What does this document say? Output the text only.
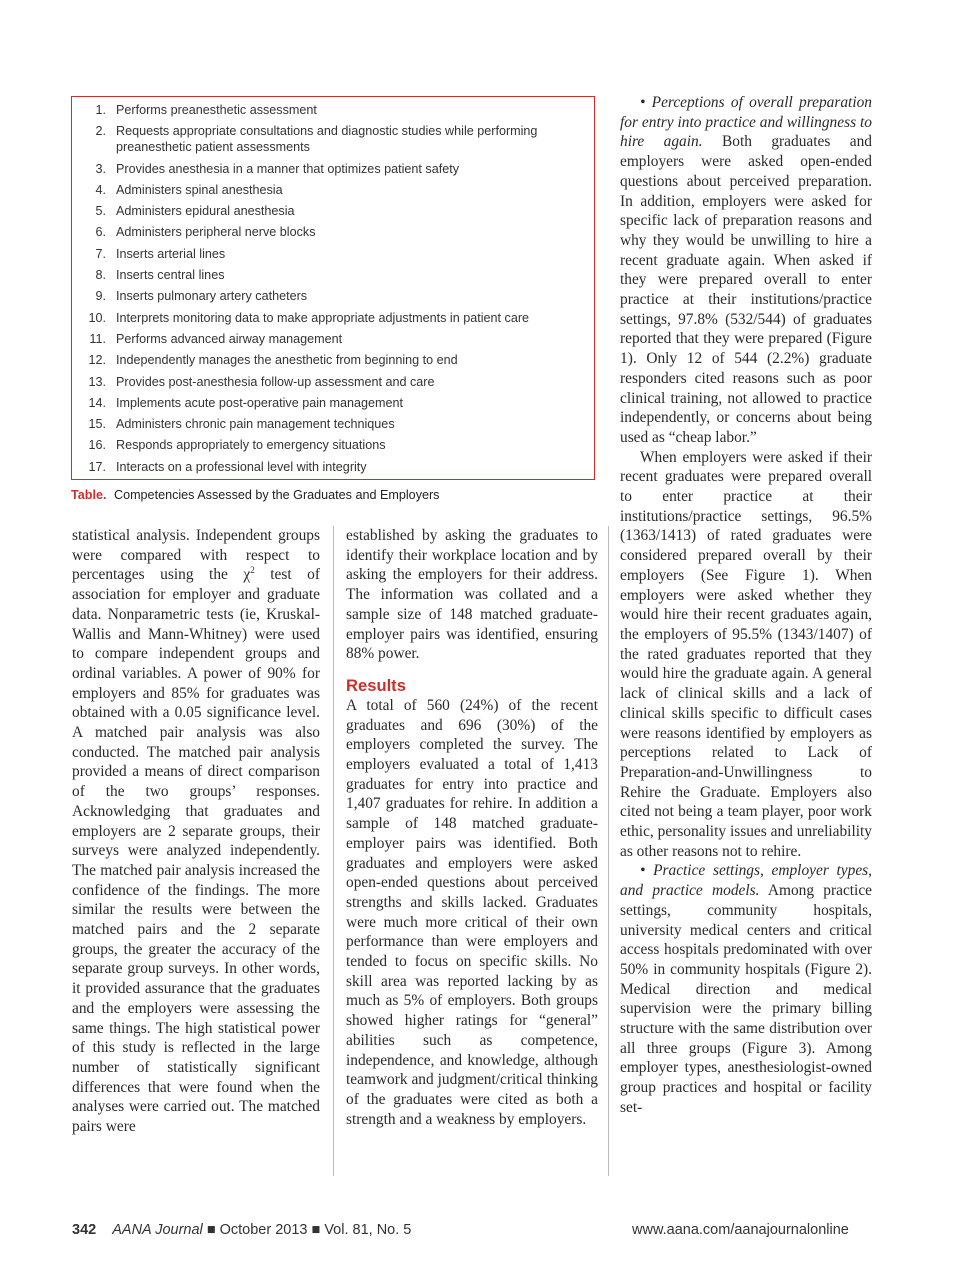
1. Performs preanesthetic assessment
2. Requests appropriate consultations and diagnostic studies while performing preanesthetic patient assessments
3. Provides anesthesia in a manner that optimizes patient safety
4. Administers spinal anesthesia
5. Administers epidural anesthesia
6. Administers peripheral nerve blocks
7. Inserts arterial lines
8. Inserts central lines
9. Inserts pulmonary artery catheters
10. Interprets monitoring data to make appropriate adjustments in patient care
11. Performs advanced airway management
12. Independently manages the anesthetic from beginning to end
13. Provides post-anesthesia follow-up assessment and care
14. Implements acute post-operative pain management
15. Administers chronic pain management techniques
16. Responds appropriately to emergency situations
17. Interacts on a professional level with integrity
Table. Competencies Assessed by the Graduates and Employers

statistical analysis. Independent groups were compared with respect to percentages using the $\chi^2$ test of association for employer and graduate data. Nonparametric tests (ie, Kruskal-Wallis and Mann-Whitney) were used to compare independent groups and ordinal variables. A power of 90% for employers and 85% for graduates was obtained with a 0.05 significance level. A matched pair analysis was also conducted. The matched pair analysis provided a means of direct comparison of the two groups’ responses. Acknowledging that graduates and employers are 2 separate groups, their surveys were analyzed independently. The matched pair analysis increased the confidence of the findings. The more similar the results were between the matched pairs and the 2 separate groups, the greater the accuracy of the separate group surveys. In other words, it provided assurance that the graduates and the employers were assessing the same things. The high statistical power of this study is reflected in the large number of statistically significant differences that were found when the analyses were carried out. The matched pairs were

established by asking the graduates to identify their workplace location and by asking the employers for their address. The information was collated and a sample size of 148 matched graduate-employer pairs was identified, ensuring 88% power.

Results

A total of 560 (24%) of the recent graduates and 696 (30%) of the employers completed the survey. The employers evaluated a total of 1,413 graduates for entry into practice and 1,407 graduates for rehire. In addition a sample of 148 matched graduate-employer pairs was identified. Both graduates and employers were asked open-ended questions about perceived strengths and skills lacked. Graduates were much more critical of their own performance than were employers and tended to focus on specific skills. No skill area was reported lacking by as much as 5% of employers. Both groups showed higher ratings for “general” abilities such as competence, independence, and knowledge, although teamwork and judgment/critical thinking of the graduates were cited as both a strength and a weakness by employers.

• Perceptions of overall preparation for entry into practice and willingness to hire again. Both graduates and employers were asked open-ended questions about perceived preparation. In addition, employers were asked for specific lack of preparation reasons and why they would be unwilling to hire a recent graduate again. When asked if they were prepared overall to enter practice at their institutions/practice settings, 97.8% (532/544) of graduates reported that they were prepared (Figure 1). Only 12 of 544 (2.2%) graduate responders cited reasons such as poor clinical training, not allowed to practice independently, or concerns about being used as “cheap labor.”

When employers were asked if their recent graduates were prepared overall to enter practice at their institutions/practice settings, 96.5% (1363/1413) of rated graduates were considered prepared overall by their employers (See Figure 1). When employers were asked whether they would hire their recent graduates again, the employers of 95.5% (1343/1407) of the rated graduates reported that they would hire the graduate again. A general lack of clinical skills and a lack of clinical skills specific to difficult cases were reasons identified by employers as perceptions related to Lack of Preparation-and-Unwillingness to Rehire the Graduate. Employers also cited not being a team player, poor work ethic, personality issues and unreliability as other reasons not to rehire.

• Practice settings, employer types, and practice models. Among practice settings, community hospitals, university medical centers and critical access hospitals predominated with over 50% in community hospitals (Figure 2). Medical direction and medical supervision were the primary billing structure with the same distribution over all three groups (Figure 3). Among employer types, anesthesiologist-owned group practices and hospital or facility set-

342 AANA Journal ■ October 2013 ■ Vol. 81, No. 5	www.aana.com/aanajournalonline
